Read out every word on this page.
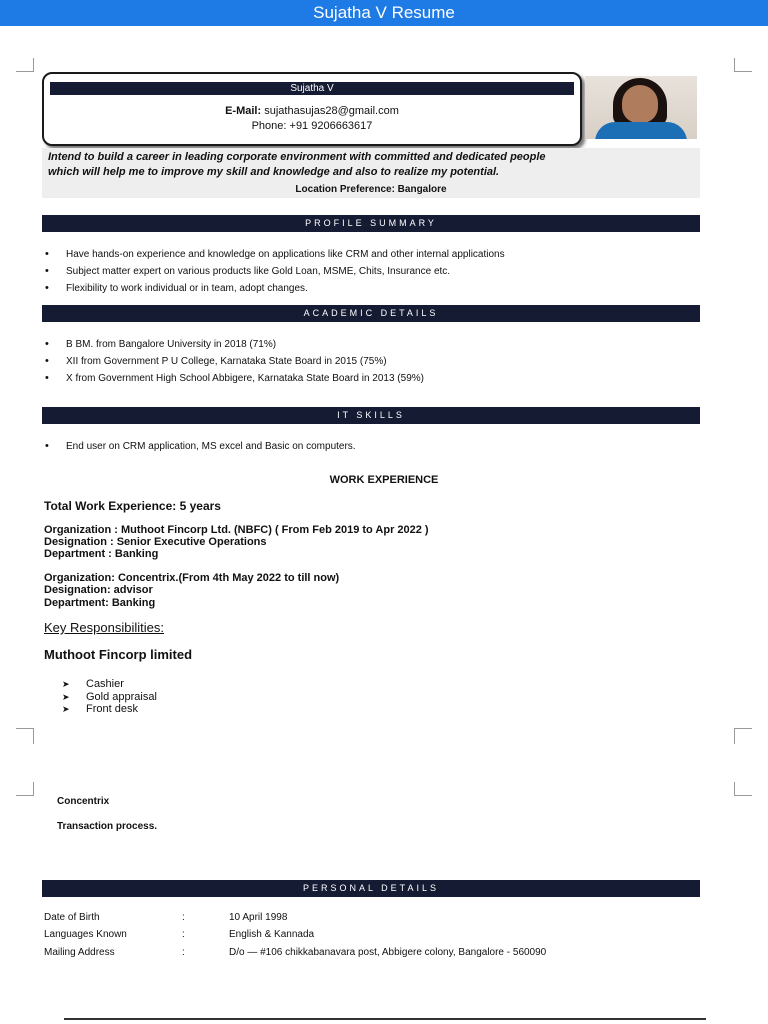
Sujatha V Resume
Sujatha V
E-Mail: sujathasujas28@gmail.com
Phone: +91 9206663617
Intend to build a career in leading corporate environment with committed and dedicated people
which will help me to improve my skill and knowledge and also to realize my potential.
Location Preference: Bangalore
PROFILE SUMMARY
• Have hands-on experience and knowledge on applications like CRM and other internal applications
• Subject matter expert on various products like Gold Loan, MSME, Chits, Insurance etc.
• Flexibility to work individual or in team, adopt changes.
ACADEMIC DETAILS
• B BM. from Bangalore University in 2018 (71%)
• XII from Government P U College, Karnataka State Board in 2015 (75%)
• X from Government High School Abbigere, Karnataka State Board in 2013 (59%)
IT SKILLS
• End user on CRM application, MS excel and Basic on computers.
WORK EXPERIENCE
Total Work Experience: 5 years
Organization : Muthoot Fincorp Ltd. (NBFC) ( From Feb 2019 to Apr 2022 )
Designation : Senior Executive Operations
Department : Banking
Organization: Concentrix.(From 4th May 2022 to till now)
Designation: advisor
Department: Banking
Key Responsibilities:
Muthoot Fincorp limited
➤ Cashier
➤ Gold appraisal
➤ Front desk
Concentrix
Transaction process.
PERSONAL DETAILS
Date of Birth	:	10 April 1998
Languages Known	:	English & Kannada
Mailing Address	:	D/o — #106 chikkabanavara post, Abbigere colony, Bangalore - 560090
